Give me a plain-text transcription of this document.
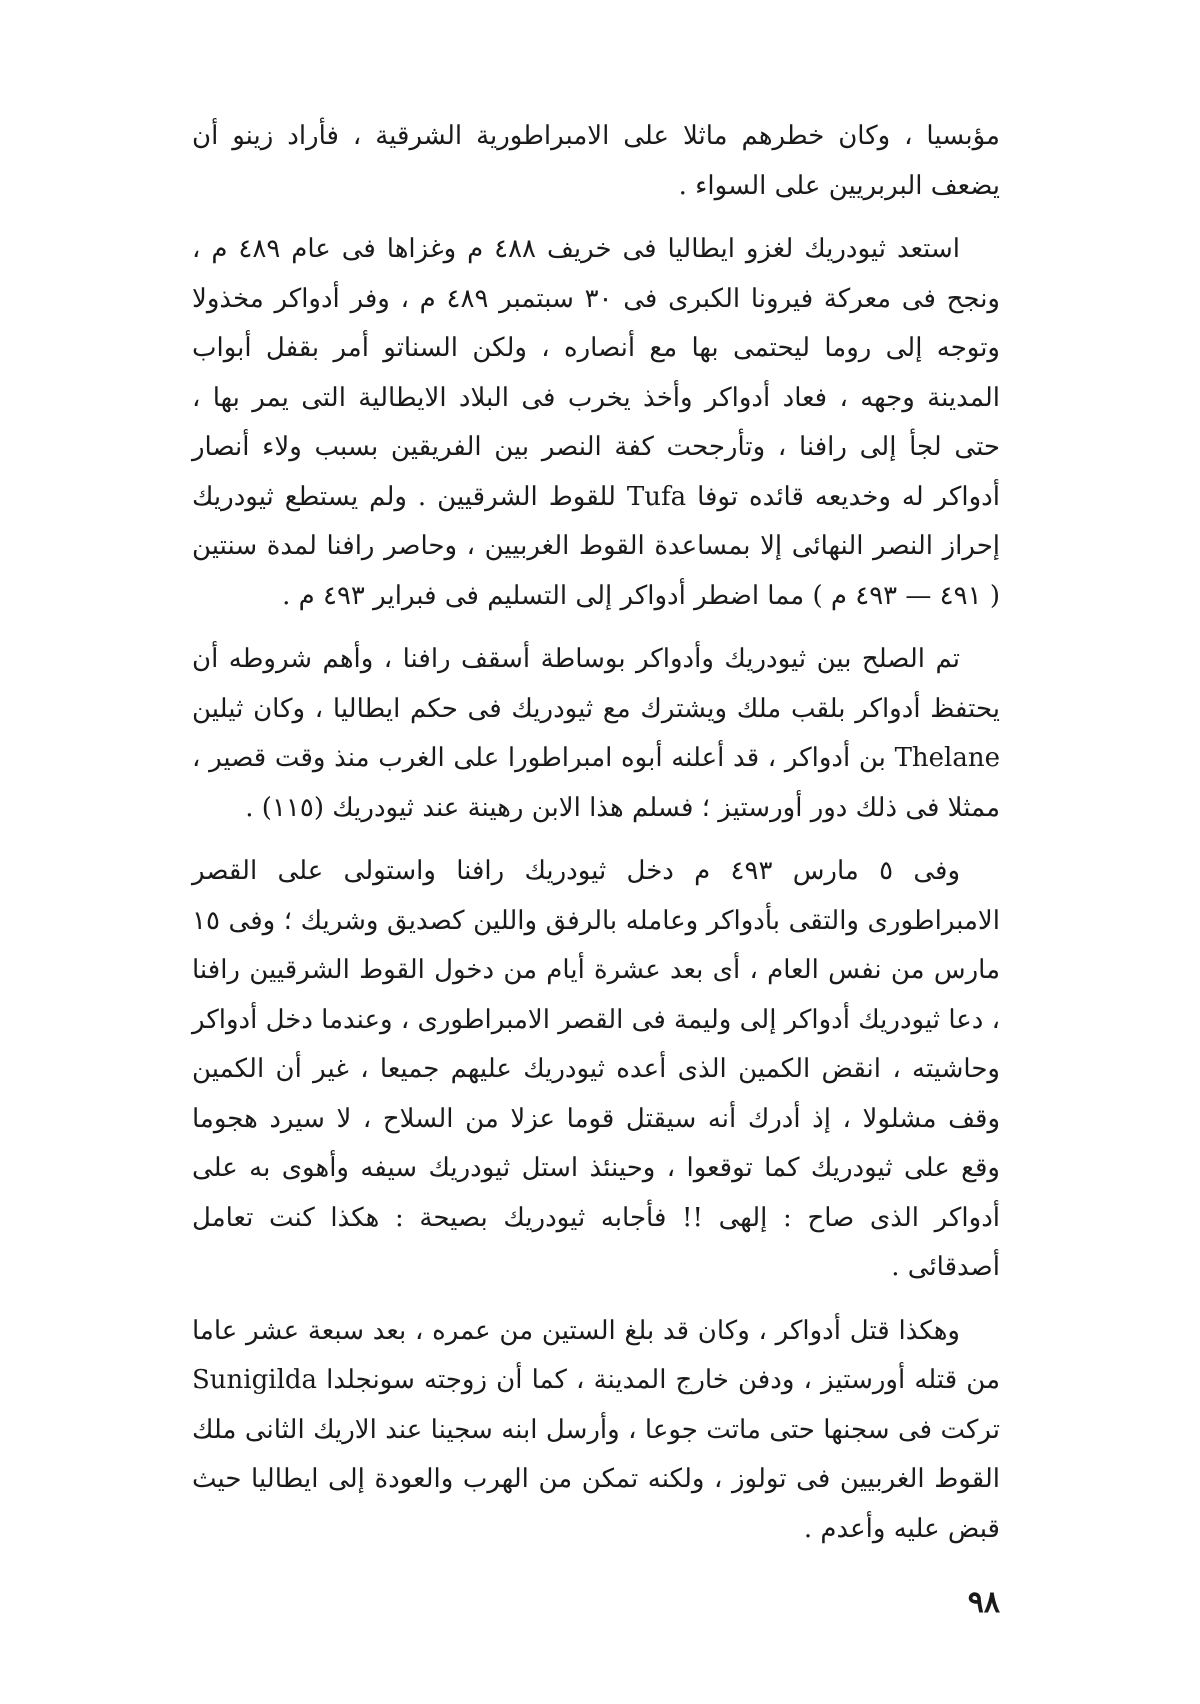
مؤبسيا ، وكان خطرهم ماثلا على الامبراطورية الشرقية ، فأراد زينو أن يضعف البربريين على السواء .

استعد ثيودريك لغزو ايطاليا فى خريف ٤٨٨ م وغزاها فى عام ٤٨٩ م ، ونجح فى معركة فيرونا الكبرى فى ٣٠ سبتمبر ٤٨٩ م ، وفر أدواكر مخذولا وتوجه إلى روما ليحتمى بها مع أنصاره ، ولكن السناتو أمر بقفل أبواب المدينة وجهه ، فعاد أدواكر وأخذ يخرب فى البلاد الايطالية التى يمر بها ، حتى لجأ إلى رافنا ، وتأرجحت كفة النصر بين الفريقين بسبب ولاء أنصار أدواكر له وخديعه قائده توفا Tufa للقوط الشرقيين . ولم يستطع ثيودريك إحراز النصر النهائى إلا بمساعدة القوط الغربيين ، وحاصر رافنا لمدة سنتين ( ٤٩١ — ٤٩٣ م ) مما اضطر أدواكر إلى التسليم فى فبراير ٤٩٣ م .

تم الصلح بين ثيودريك وأدواكر بوساطة أسقف رافنا ، وأهم شروطه أن يحتفظ أدواكر بلقب ملك ويشترك مع ثيودريك فى حكم ايطاليا ، وكان ثيلين Thelane بن أدواكر ، قد أعلنه أبوه امبراطورا على الغرب منذ وقت قصير ، ممثلا فى ذلك دور أورستيز ؛ فسلم هذا الابن رهينة عند ثيودريك (١١٥) .

وفى ٥ مارس ٤٩٣ م دخل ثيودريك رافنا واستولى على القصر الامبراطورى والتقى بأدواكر وعامله بالرفق واللين كصديق وشريك ؛ وفى ١٥ مارس من نفس العام ، أى بعد عشرة أيام من دخول القوط الشرقيين رافنا ، دعا ثيودريك أدواكر إلى وليمة فى القصر الامبراطورى ، وعندما دخل أدواكر وحاشيته ، انقض الكمين الذى أعده ثيودريك عليهم جميعا ، غير أن الكمين وقف مشلولا ، إذ أدرك أنه سيقتل قوما عزلا من السلاح ، لا سيرد هجوما وقع على ثيودريك كما توقعوا ، وحينئذ استل ثيودريك سيفه وأهوى به على أدواكر الذى صاح : إلهى !! فأجابه ثيودريك بصيحة : هكذا كنت تعامل أصدقائى .

وهكذا قتل أدواكر ، وكان قد بلغ الستين من عمره ، بعد سبعة عشر عاما من قتله أورستيز ، ودفن خارج المدينة ، كما أن زوجته سونجلدا Sunigilda تركت فى سجنها حتى ماتت جوعا ، وأرسل ابنه سجينا عند الاريك الثانى ملك القوط الغربيين فى تولوز ، ولكنه تمكن من الهرب والعودة إلى ايطاليا حيث قبض عليه وأعدم .

٩٨
